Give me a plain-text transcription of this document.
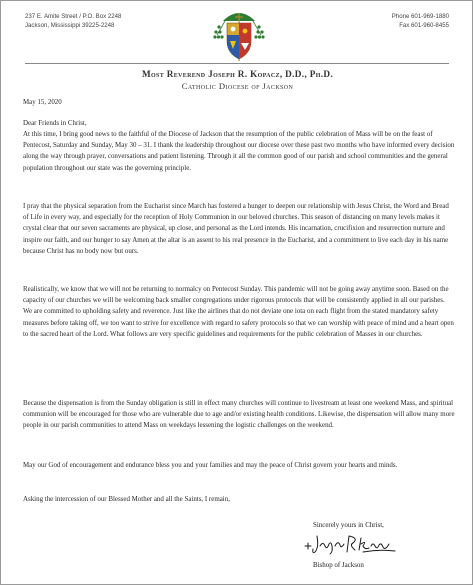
237 E. Amite Street / P.O. Box 2248
Jackson, Mississippi 39225-2248
Phone 601-969-1880
Fax 601-960-8455
Most Reverend Joseph R. Kopacz, D.D., Ph.D.
Catholic Diocese of Jackson
May 15, 2020
Dear Friends in Christ,
At this time, I bring good news to the faithful of the Diocese of Jackson that the resumption of the public celebration of Mass will be on the feast of Pentecost, Saturday and Sunday, May 30 – 31. I thank the leadership throughout our diocese over these past two months who have informed every decision along the way through prayer, conversations and patient listening. Through it all the common good of our parish and school communities and the general population throughout our state was the governing principle.
I pray that the physical separation from the Eucharist since March has fostered a hunger to deepen our relationship with Jesus Christ, the Word and Bread of Life in every way, and especially for the reception of Holy Communion in our beloved churches. This season of distancing on many levels makes it crystal clear that our seven sacraments are physical, up close, and personal as the Lord intends. His incarnation, crucifixion and resurrection nurture and inspire our faith, and our hunger to say Amen at the altar is an assent to his real presence in the Eucharist, and a commitment to live each day in his name because Christ has no body now but ours.
Realistically, we know that we will not be returning to normalcy on Pentecost Sunday. This pandemic will not be going away anytime soon. Based on the capacity of our churches we will be welcoming back smaller congregations under rigorous protocols that will be consistently applied in all our parishes. We are committed to upholding safety and reverence. Just like the airlines that do not deviate one iota on each flight from the stated mandatory safety measures before taking off, we too want to strive for excellence with regard to safety protocols so that we can worship with peace of mind and a heart open to the sacred heart of the Lord. What follows are very specific guidelines and requirements for the public celebration of Masses in our churches.
Because the dispensation is from the Sunday obligation is still in effect many churches will continue to livestream at least one weekend Mass, and spiritual communion will be encouraged for those who are vulnerable due to age and/or existing health conditions. Likewise, the dispensation will allow many more people in our parish communities to attend Mass on weekdays lessening the logistic challenges on the weekend.
May our God of encouragement and endurance bless you and your families and may the peace of Christ govern your hearts and minds.
Asking the intercession of our Blessed Mother and all the Saints, I remain,
Sincerely yours in Christ,
Bishop of Jackson
